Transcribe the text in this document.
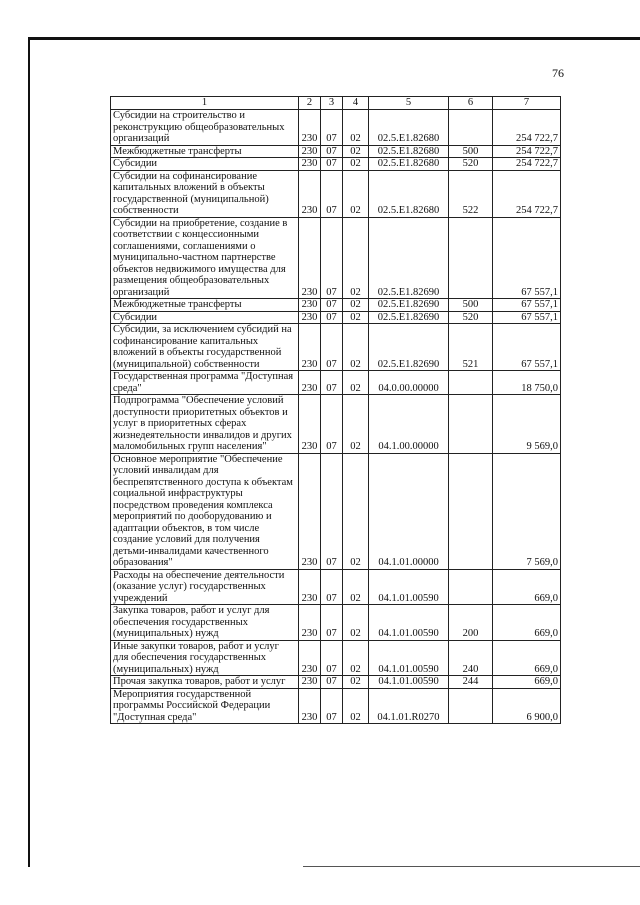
76
1	2	3	4	5	6	7
Субсидии на строительство и реконструкцию общеобразовательных организаций	230	07	02	02.5.E1.82680		254 722,7
Межбюджетные трансферты	230	07	02	02.5.E1.82680	500	254 722,7
Субсидии	230	07	02	02.5.E1.82680	520	254 722,7
Субсидии на софинансирование капитальных вложений в объекты государственной (муниципальной) собственности	230	07	02	02.5.E1.82680	522	254 722,7
Субсидии на приобретение, создание в соответствии с концессионными соглашениями, соглашениями о муниципально-частном партнерстве объектов недвижимого имущества для размещения общеобразовательных организаций	230	07	02	02.5.E1.82690		67 557,1
Межбюджетные трансферты	230	07	02	02.5.E1.82690	500	67 557,1
Субсидии	230	07	02	02.5.E1.82690	520	67 557,1
Субсидии, за исключением субсидий на софинансирование капитальных вложений в объекты государственной (муниципальной) собственности	230	07	02	02.5.E1.82690	521	67 557,1
Государственная программа "Доступная среда"	230	07	02	04.0.00.00000		18 750,0
Подпрограмма "Обеспечение условий доступности приоритетных объектов и услуг в приоритетных сферах жизнедеятельности инвалидов и других маломобильных групп населения"	230	07	02	04.1.00.00000		9 569,0
Основное мероприятие "Обеспечение условий инвалидам для беспрепятственного доступа к объектам социальной инфраструктуры посредством проведения комплекса мероприятий по дооборудованию и адаптации объектов, в том числе создание условий для получения детьми-инвалидами качественного образования"	230	07	02	04.1.01.00000		7 569,0
Расходы на обеспечение деятельности (оказание услуг) государственных учреждений	230	07	02	04.1.01.00590		669,0
Закупка товаров, работ и услуг для обеспечения государственных (муниципальных) нужд	230	07	02	04.1.01.00590	200	669,0
Иные закупки товаров, работ и услуг для обеспечения государственных (муниципальных) нужд	230	07	02	04.1.01.00590	240	669,0
Прочая закупка товаров, работ и услуг	230	07	02	04.1.01.00590	244	669,0
Мероприятия государственной программы Российской Федерации "Доступная среда"	230	07	02	04.1.01.R0270		6 900,0
